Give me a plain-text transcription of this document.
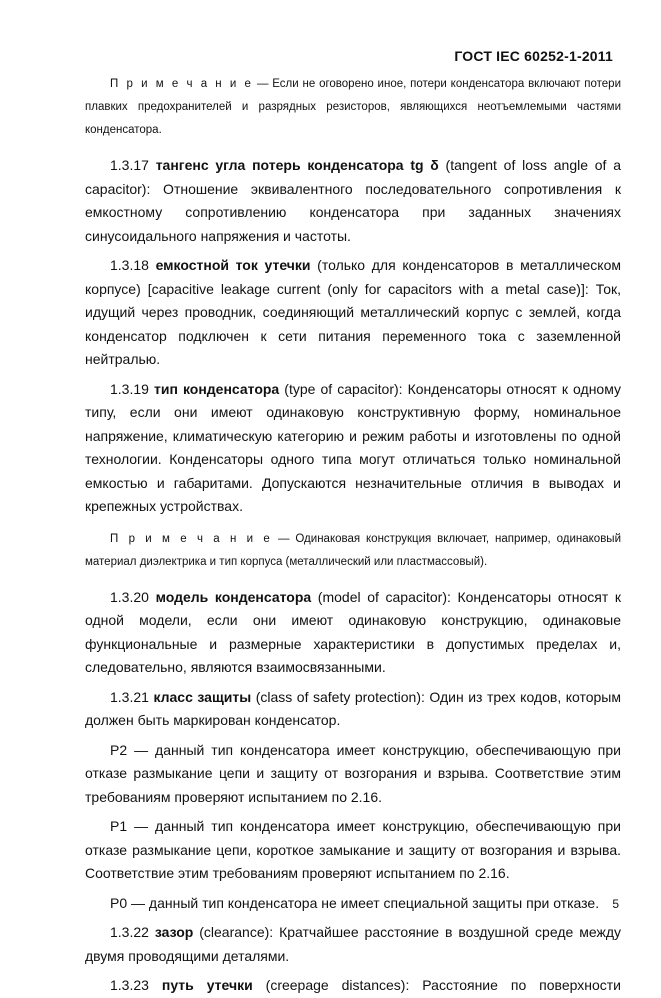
ГОСТ IEC 60252-1-2011

П р и м е ч а н и е — Если не оговорено иное, потери конденсатора включают потери плавких предохранителей и разрядных резисторов, являющихся неотъемлемыми частями конденсатора.

1.3.17 тангенс угла потерь конденсатора tg δ (tangent of loss angle of a capacitor): Отношение эквивалентного последовательного сопротивления к емкостному сопротивлению конденсатора при заданных значениях синусоидального напряжения и частоты.

1.3.18 емкостной ток утечки (только для конденсаторов в металлическом корпусе) [capacitive leakage current (only for capacitors with a metal case)]: Ток, идущий через проводник, соединяющий металлический корпус с землей, когда конденсатор подключен к сети питания переменного тока с заземленной нейтралью.

1.3.19 тип конденсатора (type of capacitor): Конденсаторы относят к одному типу, если они имеют одинаковую конструктивную форму, номинальное напряжение, климатическую категорию и режим работы и изготовлены по одной технологии. Конденсаторы одного типа могут отличаться только номинальной емкостью и габаритами. Допускаются незначительные отличия в выводах и крепежных устройствах.

П р и м е ч а н и е — Одинаковая конструкция включает, например, одинаковый материал диэлектрика и тип корпуса (металлический или пластмассовый).

1.3.20 модель конденсатора (model of capacitor): Конденсаторы относят к одной модели, если они имеют одинаковую конструкцию, одинаковые функциональные и размерные характеристики в допустимых пределах и, следовательно, являются взаимосвязанными.

1.3.21 класс защиты (class of safety protection): Один из трех кодов, которым должен быть маркирован конденсатор.

Р2 — данный тип конденсатора имеет конструкцию, обеспечивающую при отказе размыкание цепи и защиту от возгорания и взрыва. Соответствие этим требованиям проверяют испытанием по 2.16.

Р1 — данный тип конденсатора имеет конструкцию, обеспечивающую при отказе размыкание цепи, короткое замыкание и защиту от возгорания и взрыва. Соответствие этим требованиям проверяют испытанием по 2.16.

Р0 — данный тип конденсатора не имеет специальной защиты при отказе.

1.3.22 зазор (clearance): Кратчайшее расстояние в воздушной среде между двумя проводящими деталями.

1.3.23 путь утечки (creepage distances): Расстояние по поверхности

5
